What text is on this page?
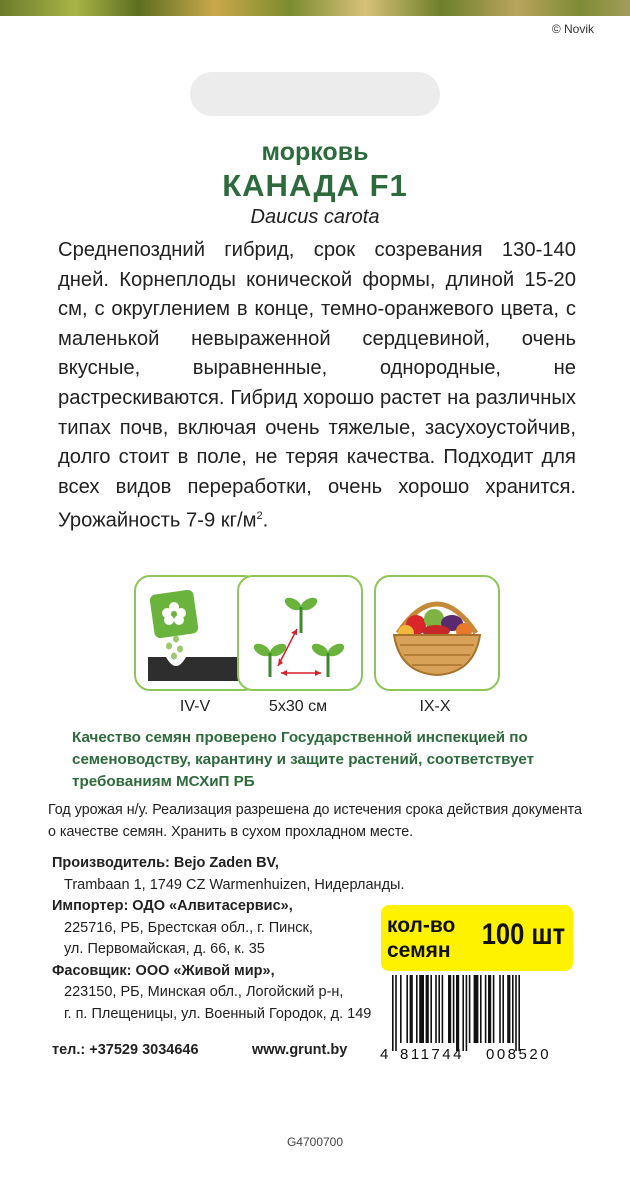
© Novik
морковь
КАНАДА F1
Daucus carota
Среднепоздний гибрид, срок созревания 130-140 дней. Корнеплоды конической формы, длиной 15-20 см, с округлением в конце, темно-оранжевого цвета, с маленькой невыраженной сердцевиной, очень вкусные, выравненные, однородные, не растрескиваются. Гибрид хорошо растет на различных типах почв, включая очень тяжелые, засухоустойчив, долго стоит в поле, не теряя качества. Подходит для всех видов переработки, очень хорошо хранится. Урожайность 7-9 $кг/м^2$.
IV-V	5x30 см	IX-X
Качество семян проверено Государственной инспекцией по семеноводству, карантину и защите растений, соответствует требованиям МСХиП РБ
Год урожая н/у. Реализация разрешена до истечения срока действия документа о качестве семян. Хранить в сухом прохладном месте.
Производитель: Bejo Zaden BV,
Trambaan 1, 1749 CZ Warmenhuizen, Нидерланды.
Импортер: ОДО «Алвитасервис»,
225716, РБ, Брестская обл., г. Пинск,
ул. Первомайская, д. 66, к. 35
Фасовщик: ООО «Живой мир»,
223150, РБ, Минская обл., Логойский р-н,
г. п. Плещеницы, ул. Военный Городок, д. 149
кол-во
семян 100 шт
тел.: +37529 3034646	www.grunt.by 4 811744 008520
G4700700
